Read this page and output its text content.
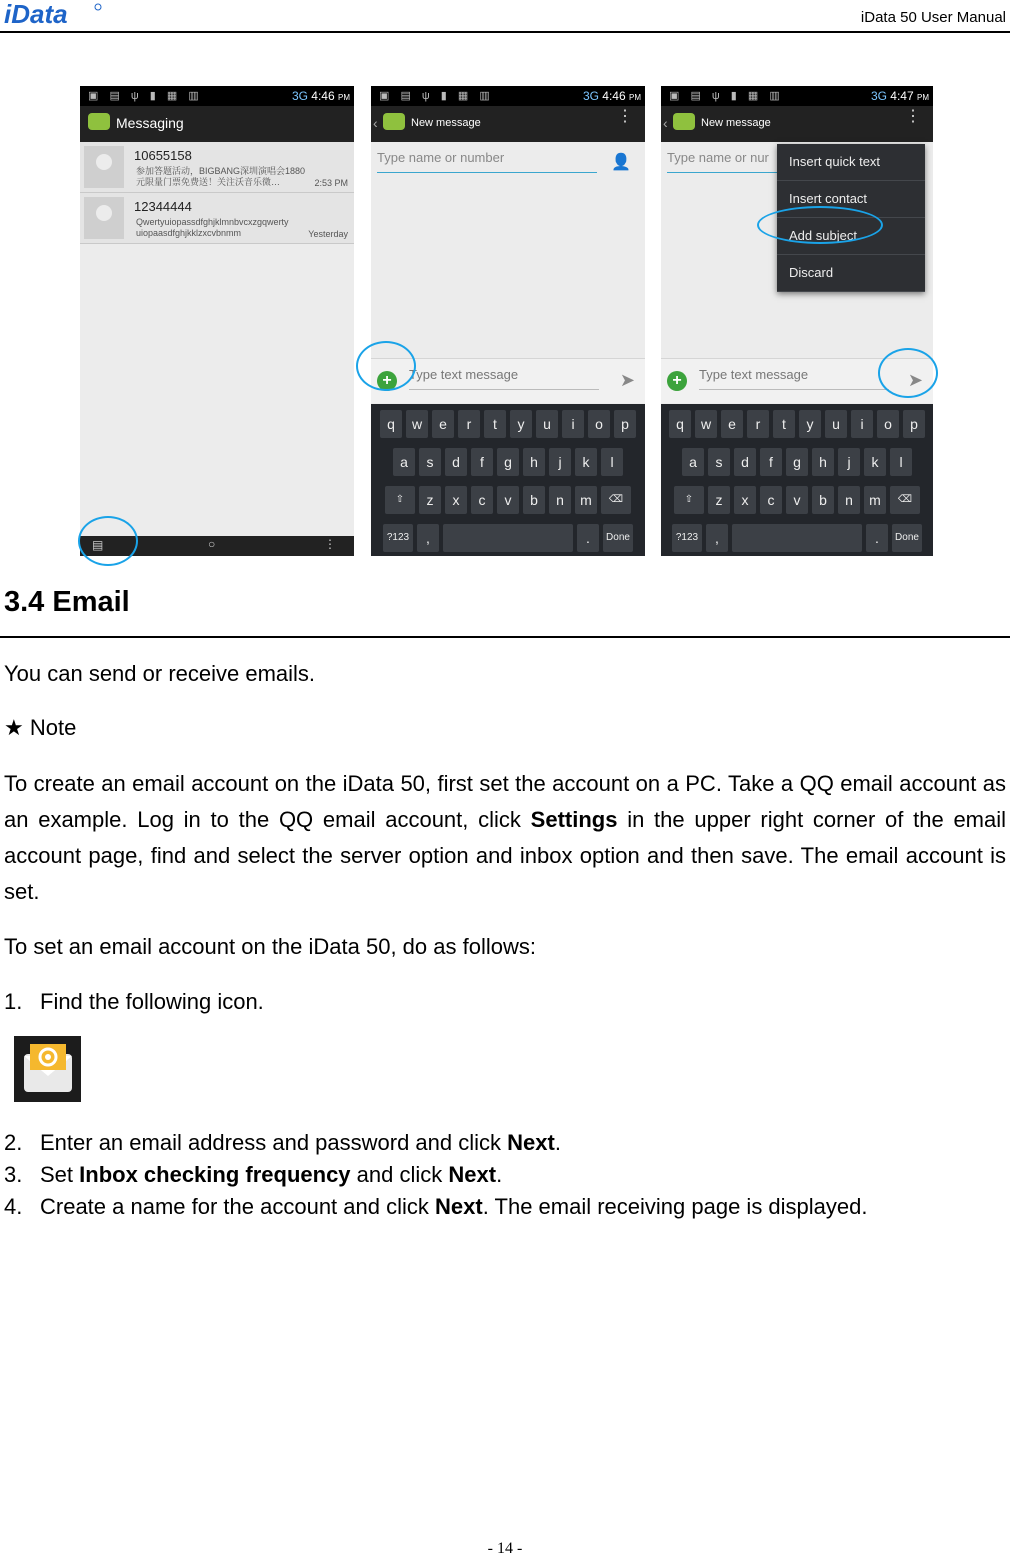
iData	iData 50 User Manual
▣ ▤ ψ ▮ ▦ ▥	3G 4:46 PM
Messaging
10655158
参加答题活动，BIGBANG深圳演唱会1880元限量门票免费送！关注沃音乐微…	2:53 PM
12344444
Qwertyuiopassdfghjklmnbvcxzgqwerty uiopaasdfghjkklzxcvbnmm	Yesterday
▤	○	⋮
▣ ▤ ψ ▮ ▦ ▥	3G 4:46 PM
‹	New message	⋮
Type name or number	👤
+	Type text message	➤
q	w	e	r	t	y	u	i	o	p
a	s	d	f	g	h	j	k	l
⇧	z	x	c	v	b	n	m	⌫
?123	,	.	Done
▣ ▤ ψ ▮ ▦ ▥	3G 4:47 PM
‹	New message	⋮
Type name or nur	Insert quick text
Insert contact
Add subject
Discard
+	Type text message	➤
q	w	e	r	t	y	u	i	o	p
a	s	d	f	g	h	j	k	l
⇧	z	x	c	v	b	n	m	⌫
?123	,	.	Done
3.4 Email
You can send or receive emails.
★ Note
To create an email account on the iData 50, first set the account on a PC. Take a QQ email account as an example. Log in to the QQ email account, click Settings in the upper right corner of the email account page, find and select the server option and inbox option and then save. The email account is set.
To set an email account on the iData 50, do as follows:
1. Find the following icon.
2. Enter an email address and password and click Next.
3. Set Inbox checking frequency and click Next.
4. Create a name for the account and click Next. The email receiving page is displayed.
- 14 -
